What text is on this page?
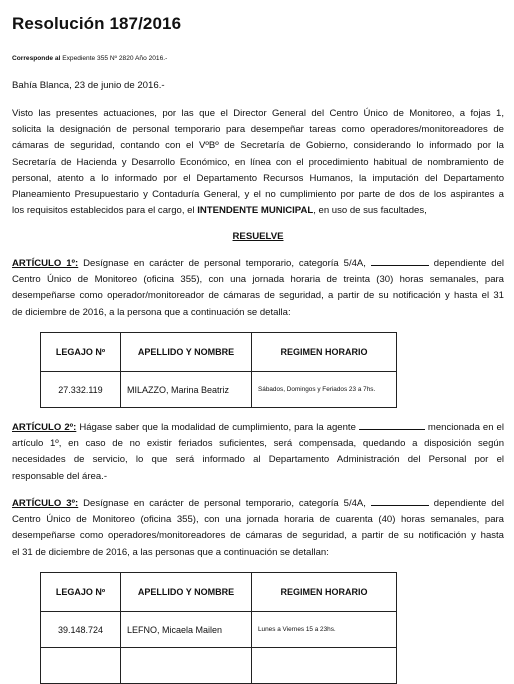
Resolución 187/2016
Corresponde al Expediente 355 Nº 2820 Año 2016.-
Bahía Blanca, 23 de junio de 2016.-
Visto las presentes actuaciones, por las que el Director General del Centro Único de Monitoreo, a fojas 1,
solicita la designación de personal temporario para desempeñar tareas como operadores/monitoreadores de
cámaras de seguridad, contando con el VºBº de Secretaría de Gobierno, considerando lo informado por la
Secretaría de Hacienda y Desarrollo Económico, en línea con el procedimiento habitual de nombramiento de
personal, atento a lo informado por el Departamento Recursos Humanos, la imputación del Departamento
Planeamiento Presupuestario y Contaduría General, y el no cumplimiento por parte de dos de los aspirantes a
los requisitos establecidos para el cargo, el INTENDENTE MUNICIPAL, en uso de sus facultades,
RESUELVE
ARTÍCULO 1º: Desígnase en carácter de personal temporario, categoría 5/4A,	dependiente del
Centro Único de Monitoreo (oficina 355), con una jornada horaria de treinta (30) horas semanales, para
desempeñarse como operador/monitoreador de cámaras de seguridad, a partir de su notificación y hasta el 31
de diciembre de 2016, a la persona que a continuación se detalla:
LEGAJO Nº	APELLIDO Y NOMBRE	REGIMEN HORARIO
27.332.119	MILAZZO, Marina Beatriz	Sábados, Domingos y Feriados 23 a 7hs.
ARTÍCULO 2º: Hágase saber que la modalidad de cumplimiento, para la agente	mencionada en el
artículo 1º, en caso de no existir feriados suficientes, será compensada, quedando a disposición según
necesidades de servicio, lo que será informado al Departamento Administración del Personal por el
responsable del área.-
ARTÍCULO 3º: Desígnase en carácter de personal temporario, categoría 5/4A,	dependiente del
Centro Único de Monitoreo (oficina 355), con una jornada horaria de cuarenta (40) horas semanales, para
desempeñarse como operadores/monitoreadores de cámaras de seguridad, a partir de su notificación y hasta
el 31 de diciembre de 2016, a las personas que a continuación se detallan:
LEGAJO Nº	APELLIDO Y NOMBRE	REGIMEN HORARIO
39.148.724	LEFNO, Micaela Mailen	Lunes a Viernes 15 a 23hs.
